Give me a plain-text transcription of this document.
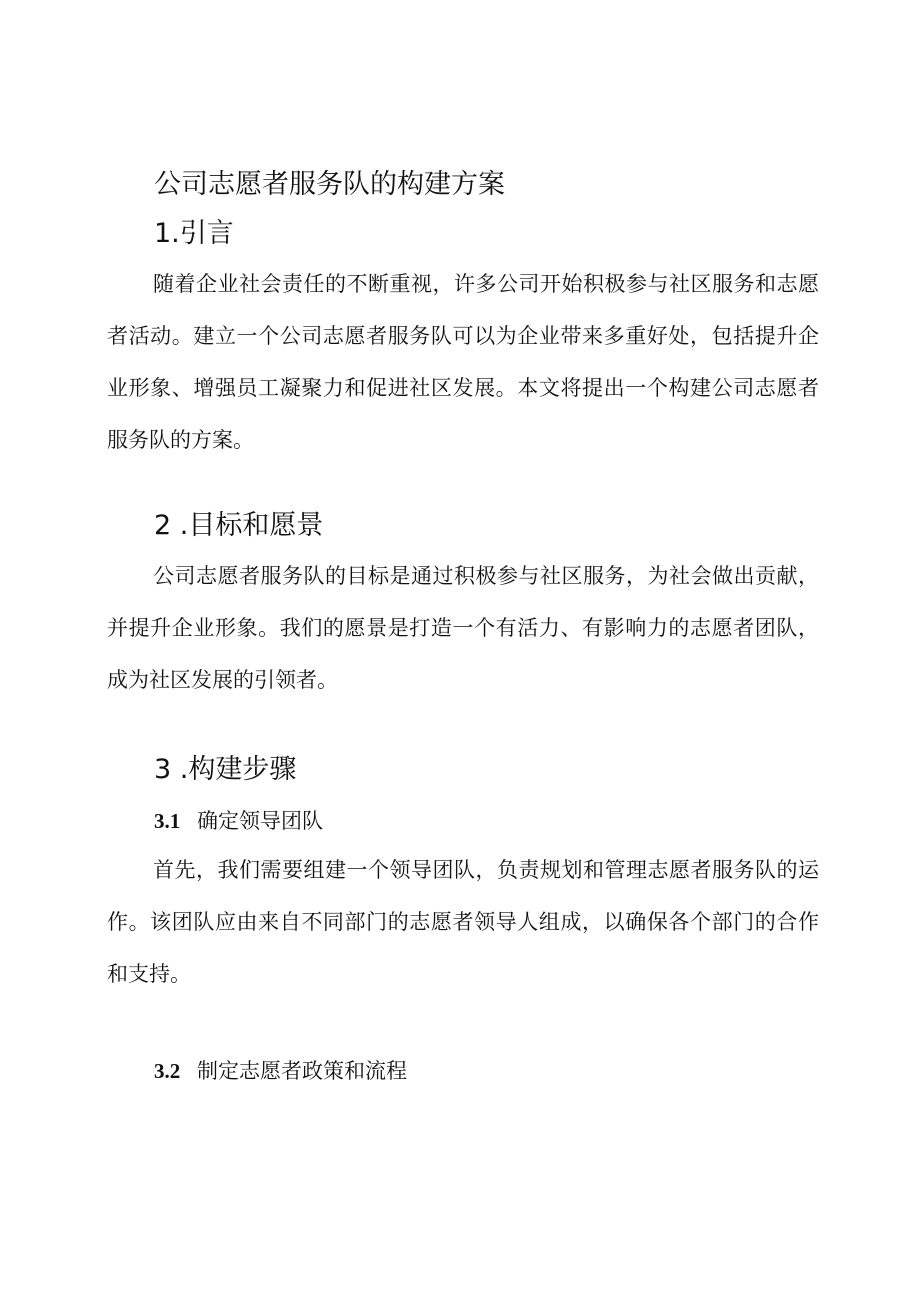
公司志愿者服务队的构建方案
1.引言

随着企业社会责任的不断重视，许多公司开始积极参与社区服务和志愿者活动。建立一个公司志愿者服务队可以为企业带来多重好处，包括提升企业形象、增强员工凝聚力和促进社区发展。本文将提出一个构建公司志愿者服务队的方案。

2 .目标和愿景

公司志愿者服务队的目标是通过积极参与社区服务，为社会做出贡献，并提升企业形象。我们的愿景是打造一个有活力、有影响力的志愿者团队，成为社区发展的引领者。

3 .构建步骤
3.1 确定领导团队

首先，我们需要组建一个领导团队，负责规划和管理志愿者服务队的运作。该团队应由来自不同部门的志愿者领导人组成，以确保各个部门的合作和支持。

3.2 制定志愿者政策和流程
